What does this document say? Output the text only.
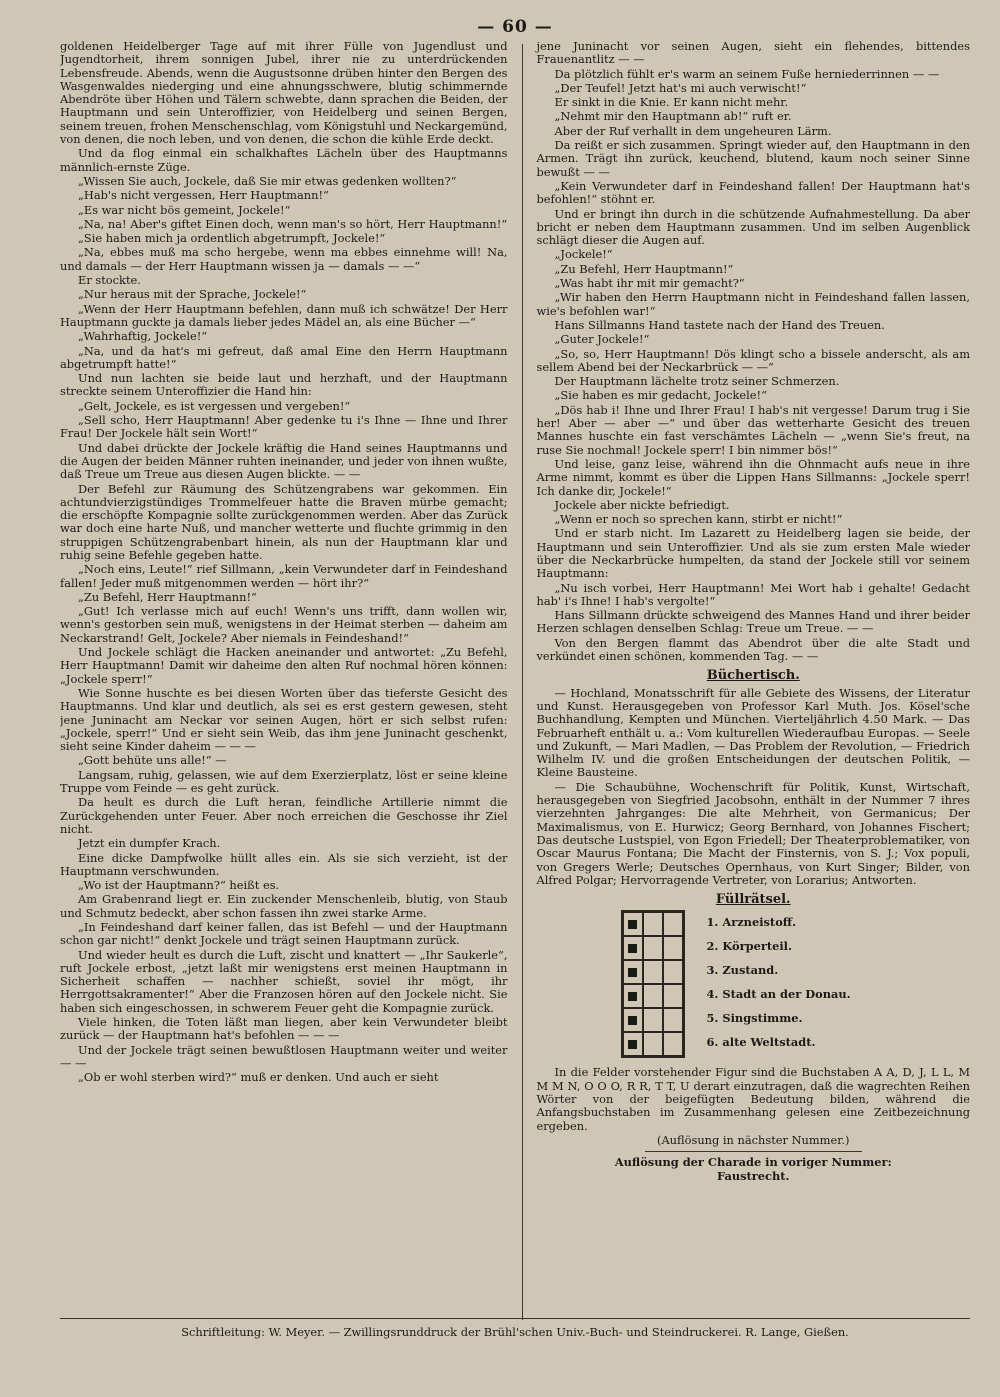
— 60 —

goldenen Heidelberger Tage auf mit ihrer Fülle von Jugendlust und Jugendtorheit, ihrem sonnigen Jubel, ihrer nie zu unterdrückenden Lebensfreude. Abends, wenn die Augustsonne drüben hinter den Bergen des Wasgenwaldes niederging und eine ahnungsschwere, blutig schimmernde Abendröte über Höhen und Tälern schwebte, dann sprachen die Beiden, der Hauptmann und sein Unteroffizier, von Heidelberg und seinen Bergen, seinem treuen, frohen Menschenschlag, vom Königstuhl und Neckargemünd, von denen, die noch leben, und von denen, die schon die kühle Erde deckt.

Und da flog einmal ein schalkhaftes Lächeln über des Hauptmanns männlich-ernste Züge.

„Wissen Sie auch, Jockele, daß Sie mir etwas gedenken wollten?“

„Hab's nicht vergessen, Herr Hauptmann!“

„Es war nicht bös gemeint, Jockele!“

„Na, na! Aber's giftet Einen doch, wenn man's so hört, Herr Hauptmann!“

„Sie haben mich ja ordentlich abgetrumpft, Jockele!“

„Na, ebbes muß ma scho hergebe, wenn ma ebbes einnehme will! Na, und damals — der Herr Hauptmann wissen ja — damals — —“

Er stockte.

„Nur heraus mit der Sprache, Jockele!“

„Wenn der Herr Hauptmann befehlen, dann muß ich schwätze! Der Herr Hauptmann guckte ja damals lieber jedes Mädel an, als eine Bücher —“

„Wahrhaftig, Jockele!“

„Na, und da hat's mi gefreut, daß amal Eine den Herrn Hauptmann abgetrumpft hatte!“

Und nun lachten sie beide laut und herzhaft, und der Hauptmann streckte seinem Unteroffizier die Hand hin:

„Gelt, Jockele, es ist vergessen und vergeben!“

„Sell scho, Herr Hauptmann! Aber gedenke tu i's Ihne — Ihne und Ihrer Frau! Der Jockele hält sein Wort!“

Und dabei drückte der Jockele kräftig die Hand seines Hauptmanns und die Augen der beiden Männer ruhten ineinander, und jeder von ihnen wußte, daß Treue um Treue aus diesen Augen blickte. — —

Der Befehl zur Räumung des Schützengrabens war gekommen. Ein achtundvierzigstündiges Trommelfeuer hatte die Braven mürbe gemacht; die erschöpfte Kompagnie sollte zurückgenommen werden. Aber das Zurück war doch eine harte Nuß, und mancher wetterte und fluchte grimmig in den struppigen Schützengrabenbart hinein, als nun der Hauptmann klar und ruhig seine Befehle gegeben hatte.

„Noch eins, Leute!“ rief Sillmann, „kein Verwundeter darf in Feindeshand fallen! Jeder muß mitgenommen werden — hört ihr?“

„Zu Befehl, Herr Hauptmann!“

„Gut! Ich verlasse mich auf euch! Wenn's uns trifft, dann wollen wir, wenn's gestorben sein muß, wenigstens in der Heimat sterben — daheim am Neckarstrand! Gelt, Jockele? Aber niemals in Feindeshand!“

Und Jockele schlägt die Hacken aneinander und antwortet: „Zu Befehl, Herr Hauptmann! Damit wir daheime den alten Ruf nochmal hören können: „Jockele sperr!“

Wie Sonne huschte es bei diesen Worten über das tieferste Gesicht des Hauptmanns. Und klar und deutlich, als sei es erst gestern gewesen, steht jene Juninacht am Neckar vor seinen Augen, hört er sich selbst rufen: „Jockele, sperr!“ Und er sieht sein Weib, das ihm jene Juninacht geschenkt, sieht seine Kinder daheim — — —

„Gott behüte uns alle!“ —

Langsam, ruhig, gelassen, wie auf dem Exerzierplatz, löst er seine kleine Truppe vom Feinde — es geht zurück.

Da heult es durch die Luft heran, feindliche Artillerie nimmt die Zurückgehenden unter Feuer. Aber noch erreichen die Geschosse ihr Ziel nicht.

Jetzt ein dumpfer Krach.

Eine dicke Dampfwolke hüllt alles ein. Als sie sich verzieht, ist der Hauptmann verschwunden.

„Wo ist der Hauptmann?“ heißt es.

Am Grabenrand liegt er. Ein zuckender Menschenleib, blutig, von Staub und Schmutz bedeckt, aber schon fassen ihn zwei starke Arme.

„In Feindeshand darf keiner fallen, das ist Befehl — und der Hauptmann schon gar nicht!“ denkt Jockele und trägt seinen Hauptmann zurück.

Und wieder heult es durch die Luft, zischt und knattert — „Ihr Saukerle“, ruft Jockele erbost, „jetzt laßt mir wenigstens erst meinen Hauptmann in Sicherheit schaffen — nachher schießt, soviel ihr mögt, ihr Herrgottsakramenter!“ Aber die Franzosen hören auf den Jockele nicht. Sie haben sich eingeschossen, in schwerem Feuer geht die Kompagnie zurück.

Viele hinken, die Toten läßt man liegen, aber kein Verwundeter bleibt zurück — der Hauptmann hat's befohlen — — —

Und der Jockele trägt seinen bewußtlosen Hauptmann weiter und weiter — —

„Ob er wohl sterben wird?“ muß er denken. Und auch er sieht

jene Juninacht vor seinen Augen, sieht ein flehendes, bittendes Frauenantlitz — —

Da plötzlich fühlt er's warm an seinem Fuße herniederrinnen — —

„Der Teufel! Jetzt hat's mi auch verwischt!“

Er sinkt in die Knie. Er kann nicht mehr.

„Nehmt mir den Hauptmann ab!“ ruft er.

Aber der Ruf verhallt in dem ungeheuren Lärm.

Da reißt er sich zusammen. Springt wieder auf, den Hauptmann in den Armen. Trägt ihn zurück, keuchend, blutend, kaum noch seiner Sinne bewußt — —

„Kein Verwundeter darf in Feindeshand fallen! Der Hauptmann hat's befohlen!“ stöhnt er.

Und er bringt ihn durch in die schützende Aufnahmestellung. Da aber bricht er neben dem Hauptmann zusammen. Und im selben Augenblick schlägt dieser die Augen auf.

„Jockele!“

„Zu Befehl, Herr Hauptmann!“

„Was habt ihr mit mir gemacht?“

„Wir haben den Herrn Hauptmann nicht in Feindeshand fallen lassen, wie's befohlen war!“

Hans Sillmanns Hand tastete nach der Hand des Treuen.

„Guter Jockele!“

„So, so, Herr Hauptmann! Dös klingt scho a bissele anderscht, als am sellem Abend bei der Neckarbrück — —“

Der Hauptmann lächelte trotz seiner Schmerzen.

„Sie haben es mir gedacht, Jockele!“

„Dös hab i! Ihne und Ihrer Frau! I hab's nit vergesse! Darum trug i Sie her! Aber — aber —“ und über das wetterharte Gesicht des treuen Mannes huschte ein fast verschämtes Lächeln — „wenn Sie's freut, na ruse Sie nochmal! Jockele sperr! I bin nimmer bös!“

Und leise, ganz leise, während ihn die Ohnmacht aufs neue in ihre Arme nimmt, kommt es über die Lippen Hans Sillmanns: „Jockele sperr! Ich danke dir, Jockele!“

Jockele aber nickte befriedigt.

„Wenn er noch so sprechen kann, stirbt er nicht!“

Und er starb nicht. Im Lazarett zu Heidelberg lagen sie beide, der Hauptmann und sein Unteroffizier. Und als sie zum ersten Male wieder über die Neckarbrücke humpelten, da stand der Jockele still vor seinem Hauptmann:

„Nu isch vorbei, Herr Hauptmann! Mei Wort hab i gehalte! Gedacht hab' i's Ihne! I hab's vergolte!“

Hans Sillmann drückte schweigend des Mannes Hand und ihrer beider Herzen schlagen denselben Schlag: Treue um Treue. — —

Von den Bergen flammt das Abendrot über die alte Stadt und verkündet einen schönen, kommenden Tag. — —

Büchertisch.

— Hochland, Monatsschrift für alle Gebiete des Wissens, der Literatur und Kunst. Herausgegeben von Professor Karl Muth. Jos. Kösel'sche Buchhandlung, Kempten und München. Vierteljährlich 4.50 Mark. — Das Februarheft enthält u. a.: Vom kulturellen Wiederaufbau Europas. — Seele und Zukunft, — Mari Madlen, — Das Problem der Revolution, — Friedrich Wilhelm IV. und die großen Entscheidungen der deutschen Politik, — Kleine Bausteine.

— Die Schaubühne, Wochenschrift für Politik, Kunst, Wirtschaft, herausgegeben von Siegfried Jacobsohn, enthält in der Nummer 7 ihres vierzehnten Jahrganges: Die alte Mehrheit, von Germanicus; Der Maximalismus, von E. Hurwicz; Georg Bernhard, von Johannes Fischert; Das deutsche Lustspiel, von Egon Friedell; Der Theaterproblematiker, von Oscar Maurus Fontana; Die Macht der Finsternis, von S. J.; Vox populi, von Gregers Werle; Deutsches Opernhaus, von Kurt Singer; Bilder, von Alfred Polgar; Hervorragende Vertreter, von Lorarius; Antworten.

Füllrätsel.
1. Arzneistoff.
2. Körperteil.
3. Zustand.
4. Stadt an der Donau.
5. Singstimme.
6. alte Weltstadt.

In die Felder vorstehender Figur sind die Buchstaben A A, D, J, L L, M M M N, O O O, R R, T T, U derart einzutragen, daß die wagrechten Reihen Wörter von der beigefügten Bedeutung bilden, während die Anfangsbuchstaben im Zusammenhang gelesen eine Zeitbezeichnung ergeben.

(Auflösung in nächster Nummer.)

Auflösung der Charade in voriger Nummer:

Faustrecht.

Schriftleitung: W. Meyer. — Zwillingsrunddruck der Brühl'schen Univ.-Buch- und Steindruckerei. R. Lange, Gießen.
